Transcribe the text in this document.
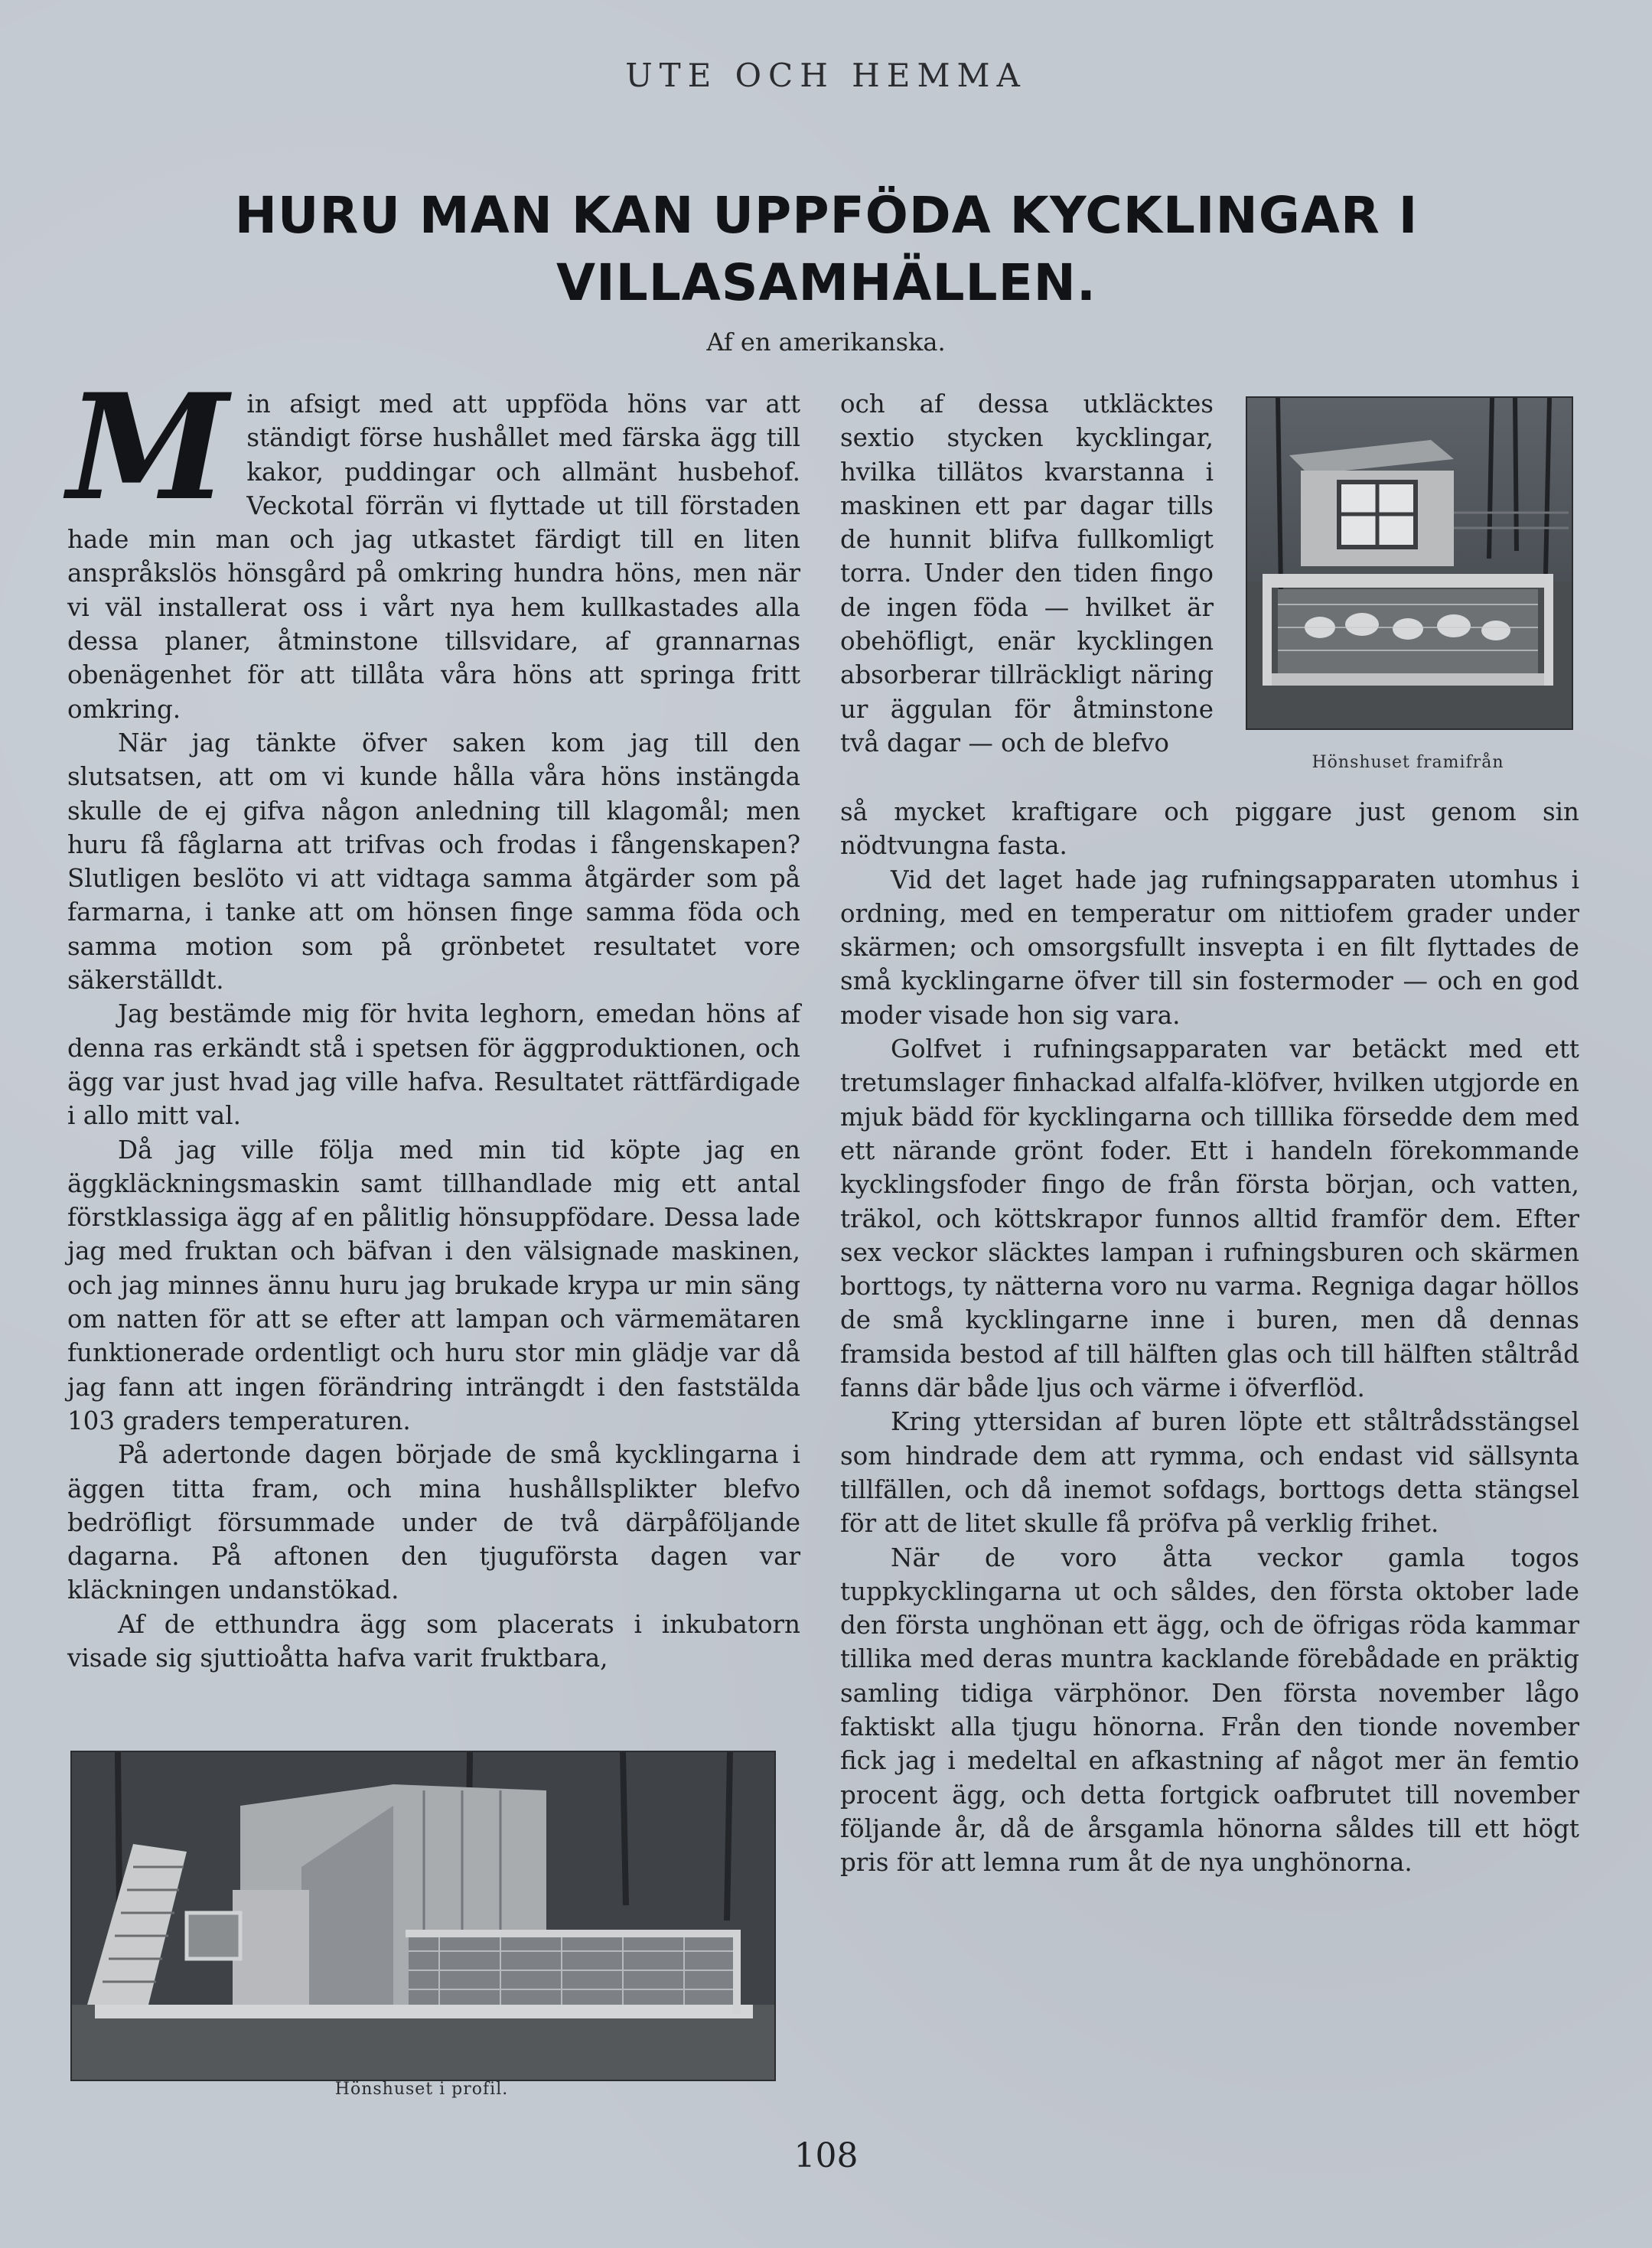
UTE OCH HEMMA
HURU MAN KAN UPPFÖDA KYCKLINGAR I VILLASAMHÄLLEN.
Af en amerikanska.

Min afsigt med att uppföda höns var att ständigt förse hushållet med färska ägg till kakor, puddingar och allmänt husbehof. Veckotal förrän vi flyttade ut till förstaden hade min man och jag utkastet färdigt till en liten anspråkslös hönsgård på omkring hundra höns, men när vi väl installerat oss i vårt nya hem kullkastades alla dessa planer, åtminstone tillsvidare, af grannarnas obenägenhet för att tillåta våra höns att springa fritt omkring.

När jag tänkte öfver saken kom jag till den slutsatsen, att om vi kunde hålla våra höns instängda skulle de ej gifva någon anledning till klagomål; men huru få fåglarna att trifvas och frodas i fångenskapen? Slutligen beslöto vi att vidtaga samma åtgärder som på farmarna, i tanke att om hönsen finge samma föda och samma motion som på grönbetet resultatet vore säkerställdt.

Jag bestämde mig för hvita leghorn, emedan höns af denna ras erkändt stå i spetsen för äggproduktionen, och ägg var just hvad jag ville hafva. Resultatet rättfärdigade i allo mitt val.

Då jag ville följa med min tid köpte jag en äggkläckningsmaskin samt tillhandlade mig ett antal förstklassiga ägg af en pålitlig hönsuppfödare. Dessa lade jag med fruktan och bäfvan i den välsignade maskinen, och jag minnes ännu huru jag brukade krypa ur min säng om natten för att se efter att lampan och värmemätaren funktionerade ordentligt och huru stor min glädje var då jag fann att ingen förändring inträngdt i den faststälda 103 graders temperaturen.

På adertonde dagen började de små kycklingarna i äggen titta fram, och mina hushållsplikter blefvo bedröfligt försummade under de två därpåföljande dagarna. På aftonen den tjuguförsta dagen var kläckningen undanstökad.

Af de etthundra ägg som placerats i inkubatorn visade sig sjuttioåtta hafva varit fruktbara,

och af dessa utkläcktes sextio stycken kycklingar, hvilka tillätos kvarstanna i maskinen ett par dagar tills de hunnit blifva fullkomligt torra. Under den tiden fingo de ingen föda — hvilket är obehöfligt, enär kycklingen absorberar tillräckligt näring ur äggulan för åtminstone två dagar — och de blefvo

Hönshuset framifrån

så mycket kraftigare och piggare just genom sin nödtvungna fasta.

Vid det laget hade jag rufningsapparaten utomhus i ordning, med en temperatur om nittiofem grader under skärmen; och omsorgsfullt insvepta i en filt flyttades de små kycklingarne öfver till sin fostermoder — och en god moder visade hon sig vara.

Golfvet i rufningsapparaten var betäckt med ett tretumslager finhackad alfalfa-klöfver, hvilken utgjorde en mjuk bädd för kycklingarna och tilllika försedde dem med ett närande grönt foder. Ett i handeln förekommande kycklingsfoder fingo de från första början, och vatten, träkol, och köttskrapor funnos alltid framför dem. Efter sex veckor släcktes lampan i rufningsburen och skärmen borttogs, ty nätterna voro nu varma. Regniga dagar höllos de små kycklingarne inne i buren, men då dennas framsida bestod af till hälften glas och till hälften ståltråd fanns där både ljus och värme i öfverflöd.

Kring yttersidan af buren löpte ett ståltrådsstängsel som hindrade dem att rymma, och endast vid sällsynta tillfällen, och då inemot sofdags, borttogs detta stängsel för att de litet skulle få pröfva på verklig frihet.

När de voro åtta veckor gamla togos tuppkycklingarna ut och såldes, den första oktober lade den första unghönan ett ägg, och de öfrigas röda kammar tillika med deras muntra kacklande förebådade en präktig samling tidiga värphönor. Den första november lågo faktiskt alla tjugu hönorna. Från den tionde november fick jag i medeltal en afkastning af något mer än femtio procent ägg, och detta fortgick oafbrutet till november följande år, då de årsgamla hönorna såldes till ett högt pris för att lemna rum åt de nya unghönorna.

Hönshuset i profil.
108
